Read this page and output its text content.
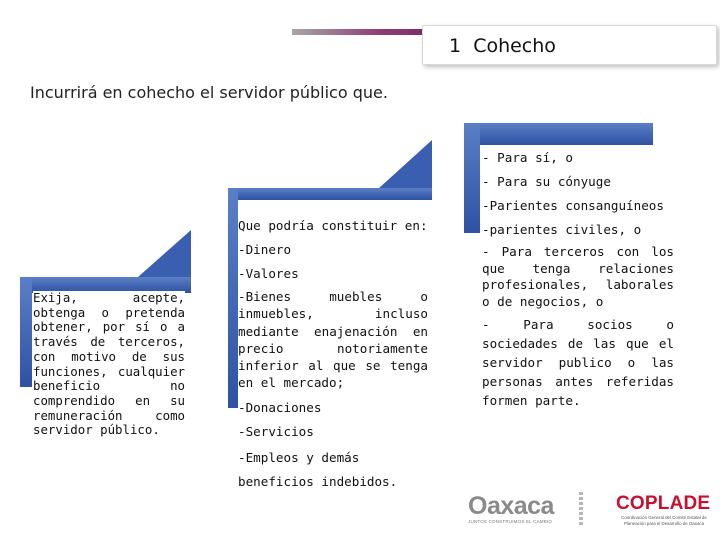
1 Cohecho
Incurrirá en cohecho el servidor público que.

Exija, acepte, obtenga o pretenda obtener, por sí o a través de terceros, con motivo de sus funciones, cualquier beneficio no comprendido en su remuneración como servidor público.

Que podría constituir en:

-Dinero

-Valores

-Bienes muebles o inmuebles, incluso mediante enajenación en precio notoriamente inferior al que se tenga en el mercado;

-Donaciones

-Servicios

-Empleos y demás beneficios indebidos.

- Para sí, o

- Para su cónyuge

-Parientes consanguíneos

-parientes civiles, o

- Para terceros con los que tenga relaciones profesionales, laborales o de negocios, o

- Para socios o sociedades de las que el servidor publico o las personas antes referidas formen parte.

Oaxaca
JUNTOS CONSTRUIMOS EL CAMBIO
COPLADE
Coordinación General del Comité Estatal de Planeación para el Desarrollo de Oaxaca
